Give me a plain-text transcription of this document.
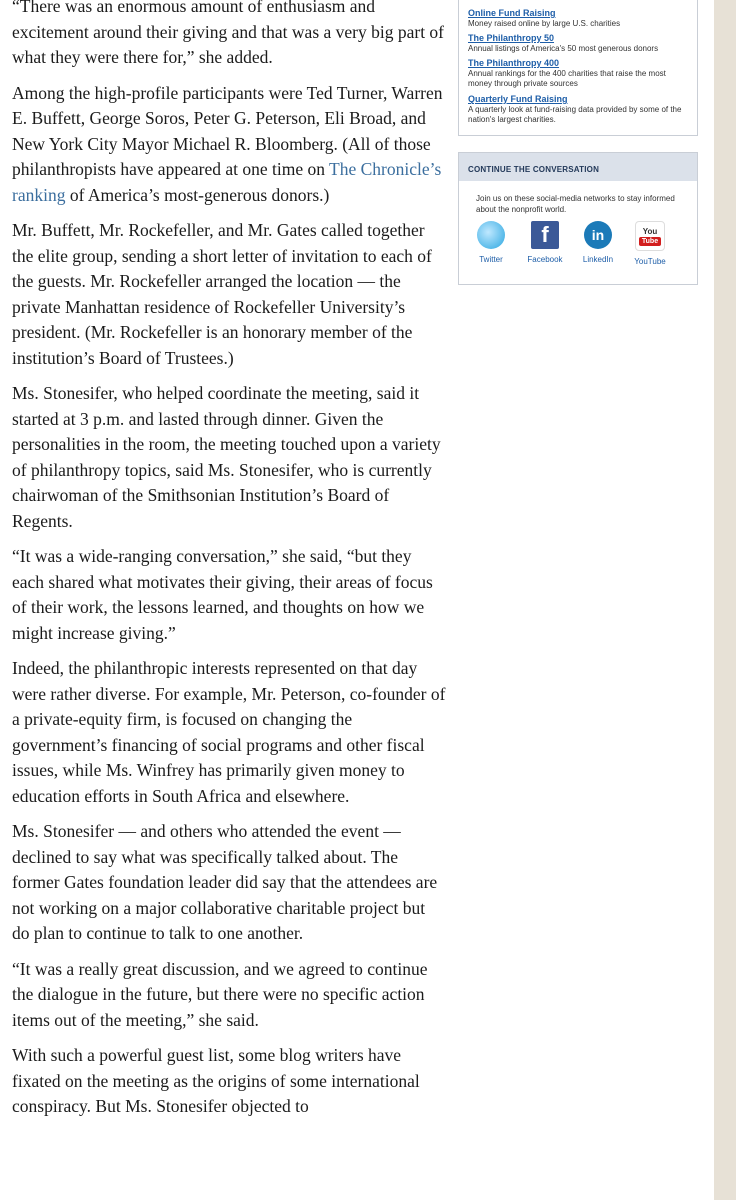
“There was an enormous amount of enthusiasm and excitement around their giving and that was a very big part of what they were there for,” she added.

Among the high-profile participants were Ted Turner, Warren E. Buffett, George Soros, Peter G. Peterson, Eli Broad, and New York City Mayor Michael R. Bloomberg. (All of those philanthropists have appeared at one time on The Chronicle’s ranking of America’s most-generous donors.)

Mr. Buffett, Mr. Rockefeller, and Mr. Gates called together the elite group, sending a short letter of invitation to each of the guests. Mr. Rockefeller arranged the location — the private Manhattan residence of Rockefeller University’s president. (Mr. Rockefeller is an honorary member of the institution’s Board of Trustees.)

Ms. Stonesifer, who helped coordinate the meeting, said it started at 3 p.m. and lasted through dinner. Given the personalities in the room, the meeting touched upon a variety of philanthropy topics, said Ms. Stonesifer, who is currently chairwoman of the Smithsonian Institution’s Board of Regents.

“It was a wide-ranging conversation,” she said, “but they each shared what motivates their giving, their areas of focus of their work, the lessons learned, and thoughts on how we might increase giving.”

Indeed, the philanthropic interests represented on that day were rather diverse. For example, Mr. Peterson, co-founder of a private-equity firm, is focused on changing the government’s financing of social programs and other fiscal issues, while Ms. Winfrey has primarily given money to education efforts in South Africa and elsewhere.

Ms. Stonesifer — and others who attended the event — declined to say what was specifically talked about. The former Gates foundation leader did say that the attendees are not working on a major collaborative charitable project but do plan to continue to talk to one another.

“It was a really great discussion, and we agreed to continue the dialogue in the future, but there were no specific action items out of the meeting,” she said.

With such a powerful guest list, some blog writers have fixated on the meeting as the origins of some international conspiracy. But Ms. Stonesifer objected to

Online Fund Raising

Money raised online by large U.S. charities

The Philanthropy 50

Annual listings of America's 50 most generous donors

The Philanthropy 400

Annual rankings for the 400 charities that raise the most money through private sources

Quarterly Fund Raising

A quarterly look at fund-raising data provided by some of the nation's largest charities.

CONTINUE THE CONVERSATION

Join us on these social-media networks to stay informed about the nonprofit world.

Twitter
f
Facebook
in
LinkedIn
You
Tube
YouTube
